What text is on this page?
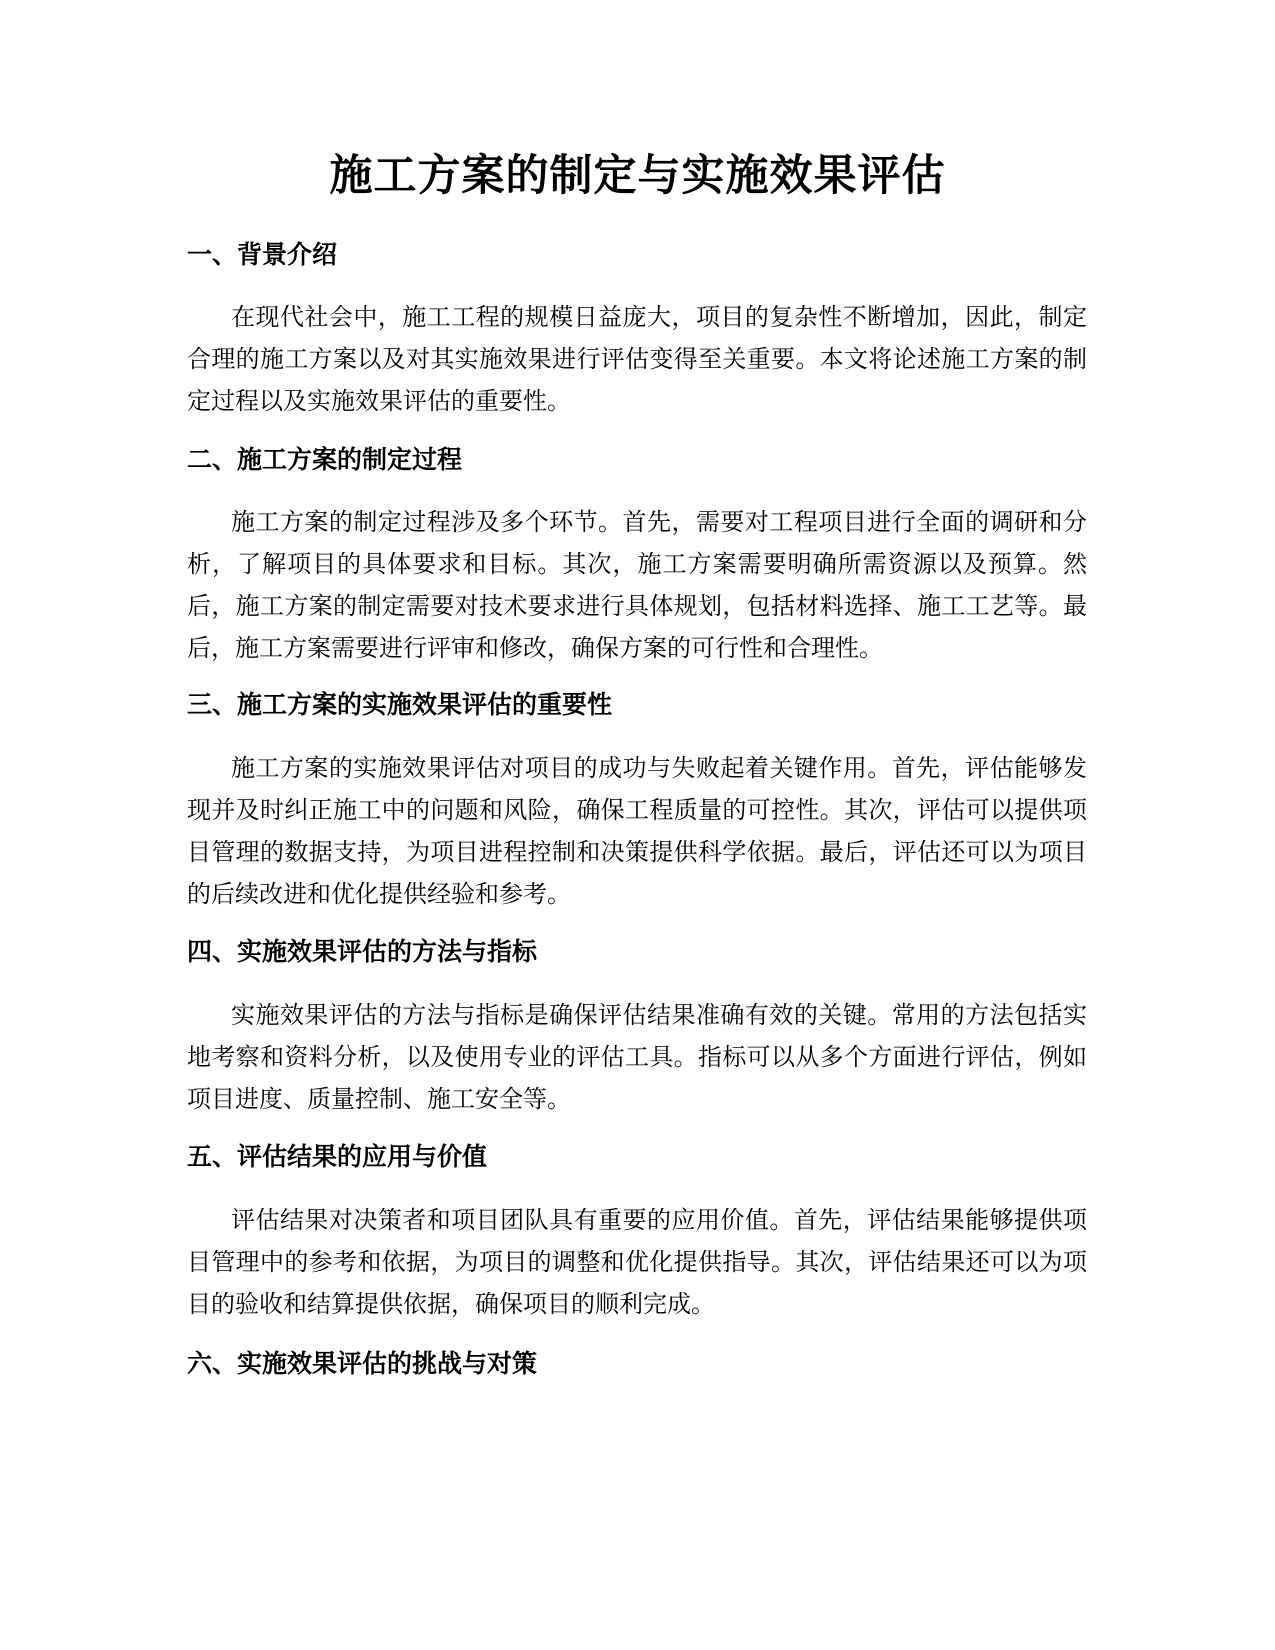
施工方案的制定与实施效果评估
一、背景介绍

在现代社会中，施工工程的规模日益庞大，项目的复杂性不断增加，因此，制定合理的施工方案以及对其实施效果进行评估变得至关重要。本文将论述施工方案的制定过程以及实施效果评估的重要性。

二、施工方案的制定过程

施工方案的制定过程涉及多个环节。首先，需要对工程项目进行全面的调研和分析，了解项目的具体要求和目标。其次，施工方案需要明确所需资源以及预算。然后，施工方案的制定需要对技术要求进行具体规划，包括材料选择、施工工艺等。最后，施工方案需要进行评审和修改，确保方案的可行性和合理性。

三、施工方案的实施效果评估的重要性

施工方案的实施效果评估对项目的成功与失败起着关键作用。首先，评估能够发现并及时纠正施工中的问题和风险，确保工程质量的可控性。其次，评估可以提供项目管理的数据支持，为项目进程控制和决策提供科学依据。最后，评估还可以为项目的后续改进和优化提供经验和参考。

四、实施效果评估的方法与指标

实施效果评估的方法与指标是确保评估结果准确有效的关键。常用的方法包括实地考察和资料分析，以及使用专业的评估工具。指标可以从多个方面进行评估，例如项目进度、质量控制、施工安全等。

五、评估结果的应用与价值

评估结果对决策者和项目团队具有重要的应用价值。首先，评估结果能够提供项目管理中的参考和依据，为项目的调整和优化提供指导。其次，评估结果还可以为项目的验收和结算提供依据，确保项目的顺利完成。

六、实施效果评估的挑战与对策
